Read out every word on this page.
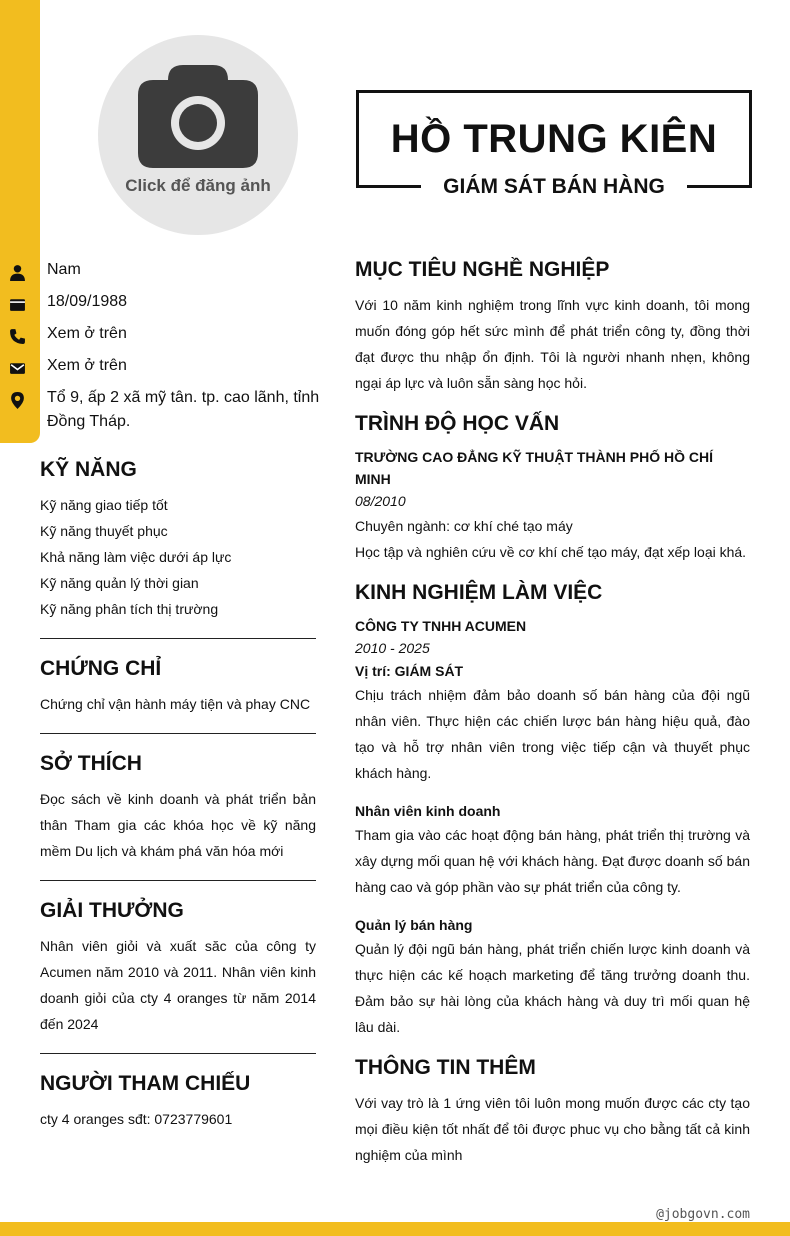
Click để đăng ảnh
HỒ TRUNG KIÊN
GIÁM SÁT BÁN HÀNG
Nam
18/09/1988
Xem ở trên
Xem ở trên
Tổ 9, ấp 2 xã mỹ tân. tp. cao lãnh, tỉnh Đồng Tháp.
KỸ NĂNG
Kỹ năng giao tiếp tốt
Kỹ năng thuyết phục
Khả năng làm việc dưới áp lực
Kỹ năng quản lý thời gian
Kỹ năng phân tích thị trường
CHỨNG CHỈ
Chứng chỉ vận hành máy tiện và phay CNC
SỞ THÍCH
Đọc sách về kinh doanh và phát triển bản thân Tham gia các khóa học về kỹ năng mềm Du lịch và khám phá văn hóa mới
GIẢI THƯỞNG
Nhân viên giỏi và xuất săc của công ty Acumen năm 2010 và 2011. Nhân viên kinh doanh giỏi của cty 4 oranges từ năm 2014 đến 2024
NGƯỜI THAM CHIẾU
cty 4 oranges sđt: 0723779601
MỤC TIÊU NGHỀ NGHIỆP
Với 10 năm kinh nghiệm trong lĩnh vực kinh doanh, tôi mong muốn đóng góp hết sức mình để phát triển công ty, đồng thời đạt được thu nhập ổn định. Tôi là người nhanh nhẹn, không ngại áp lực và luôn sẵn sàng học hỏi.
TRÌNH ĐỘ HỌC VẤN
TRƯỜNG CAO ĐẲNG KỸ THUẬT THÀNH PHỐ HỒ CHÍ MINH
08/2010
Chuyên ngành: cơ khí ché tạo máy
Học tập và nghiên cứu về cơ khí chế tạo máy, đạt xếp loại khá.
KINH NGHIỆM LÀM VIỆC
CÔNG TY TNHH ACUMEN
2010 - 2025
Vị trí: GIÁM SÁT
Chịu trách nhiệm đảm bảo doanh số bán hàng của đội ngũ nhân viên. Thực hiện các chiến lược bán hàng hiệu quả, đào tạo và hỗ trợ nhân viên trong việc tiếp cận và thuyết phục khách hàng.
Nhân viên kinh doanh
Tham gia vào các hoạt động bán hàng, phát triển thị trường và xây dựng mối quan hệ với khách hàng. Đạt được doanh số bán hàng cao và góp phần vào sự phát triển của công ty.
Quản lý bán hàng
Quản lý đội ngũ bán hàng, phát triển chiến lược kinh doanh và thực hiện các kế hoạch marketing để tăng trưởng doanh thu. Đảm bảo sự hài lòng của khách hàng và duy trì mối quan hệ lâu dài.
THÔNG TIN THÊM
Với vay trò là 1 ứng viên tôi luôn mong muốn được các cty tạo mọi điều kiện tốt nhất để tôi được phuc vụ cho bằng tất cả kinh nghiệm của mình
@jobgovn.com
